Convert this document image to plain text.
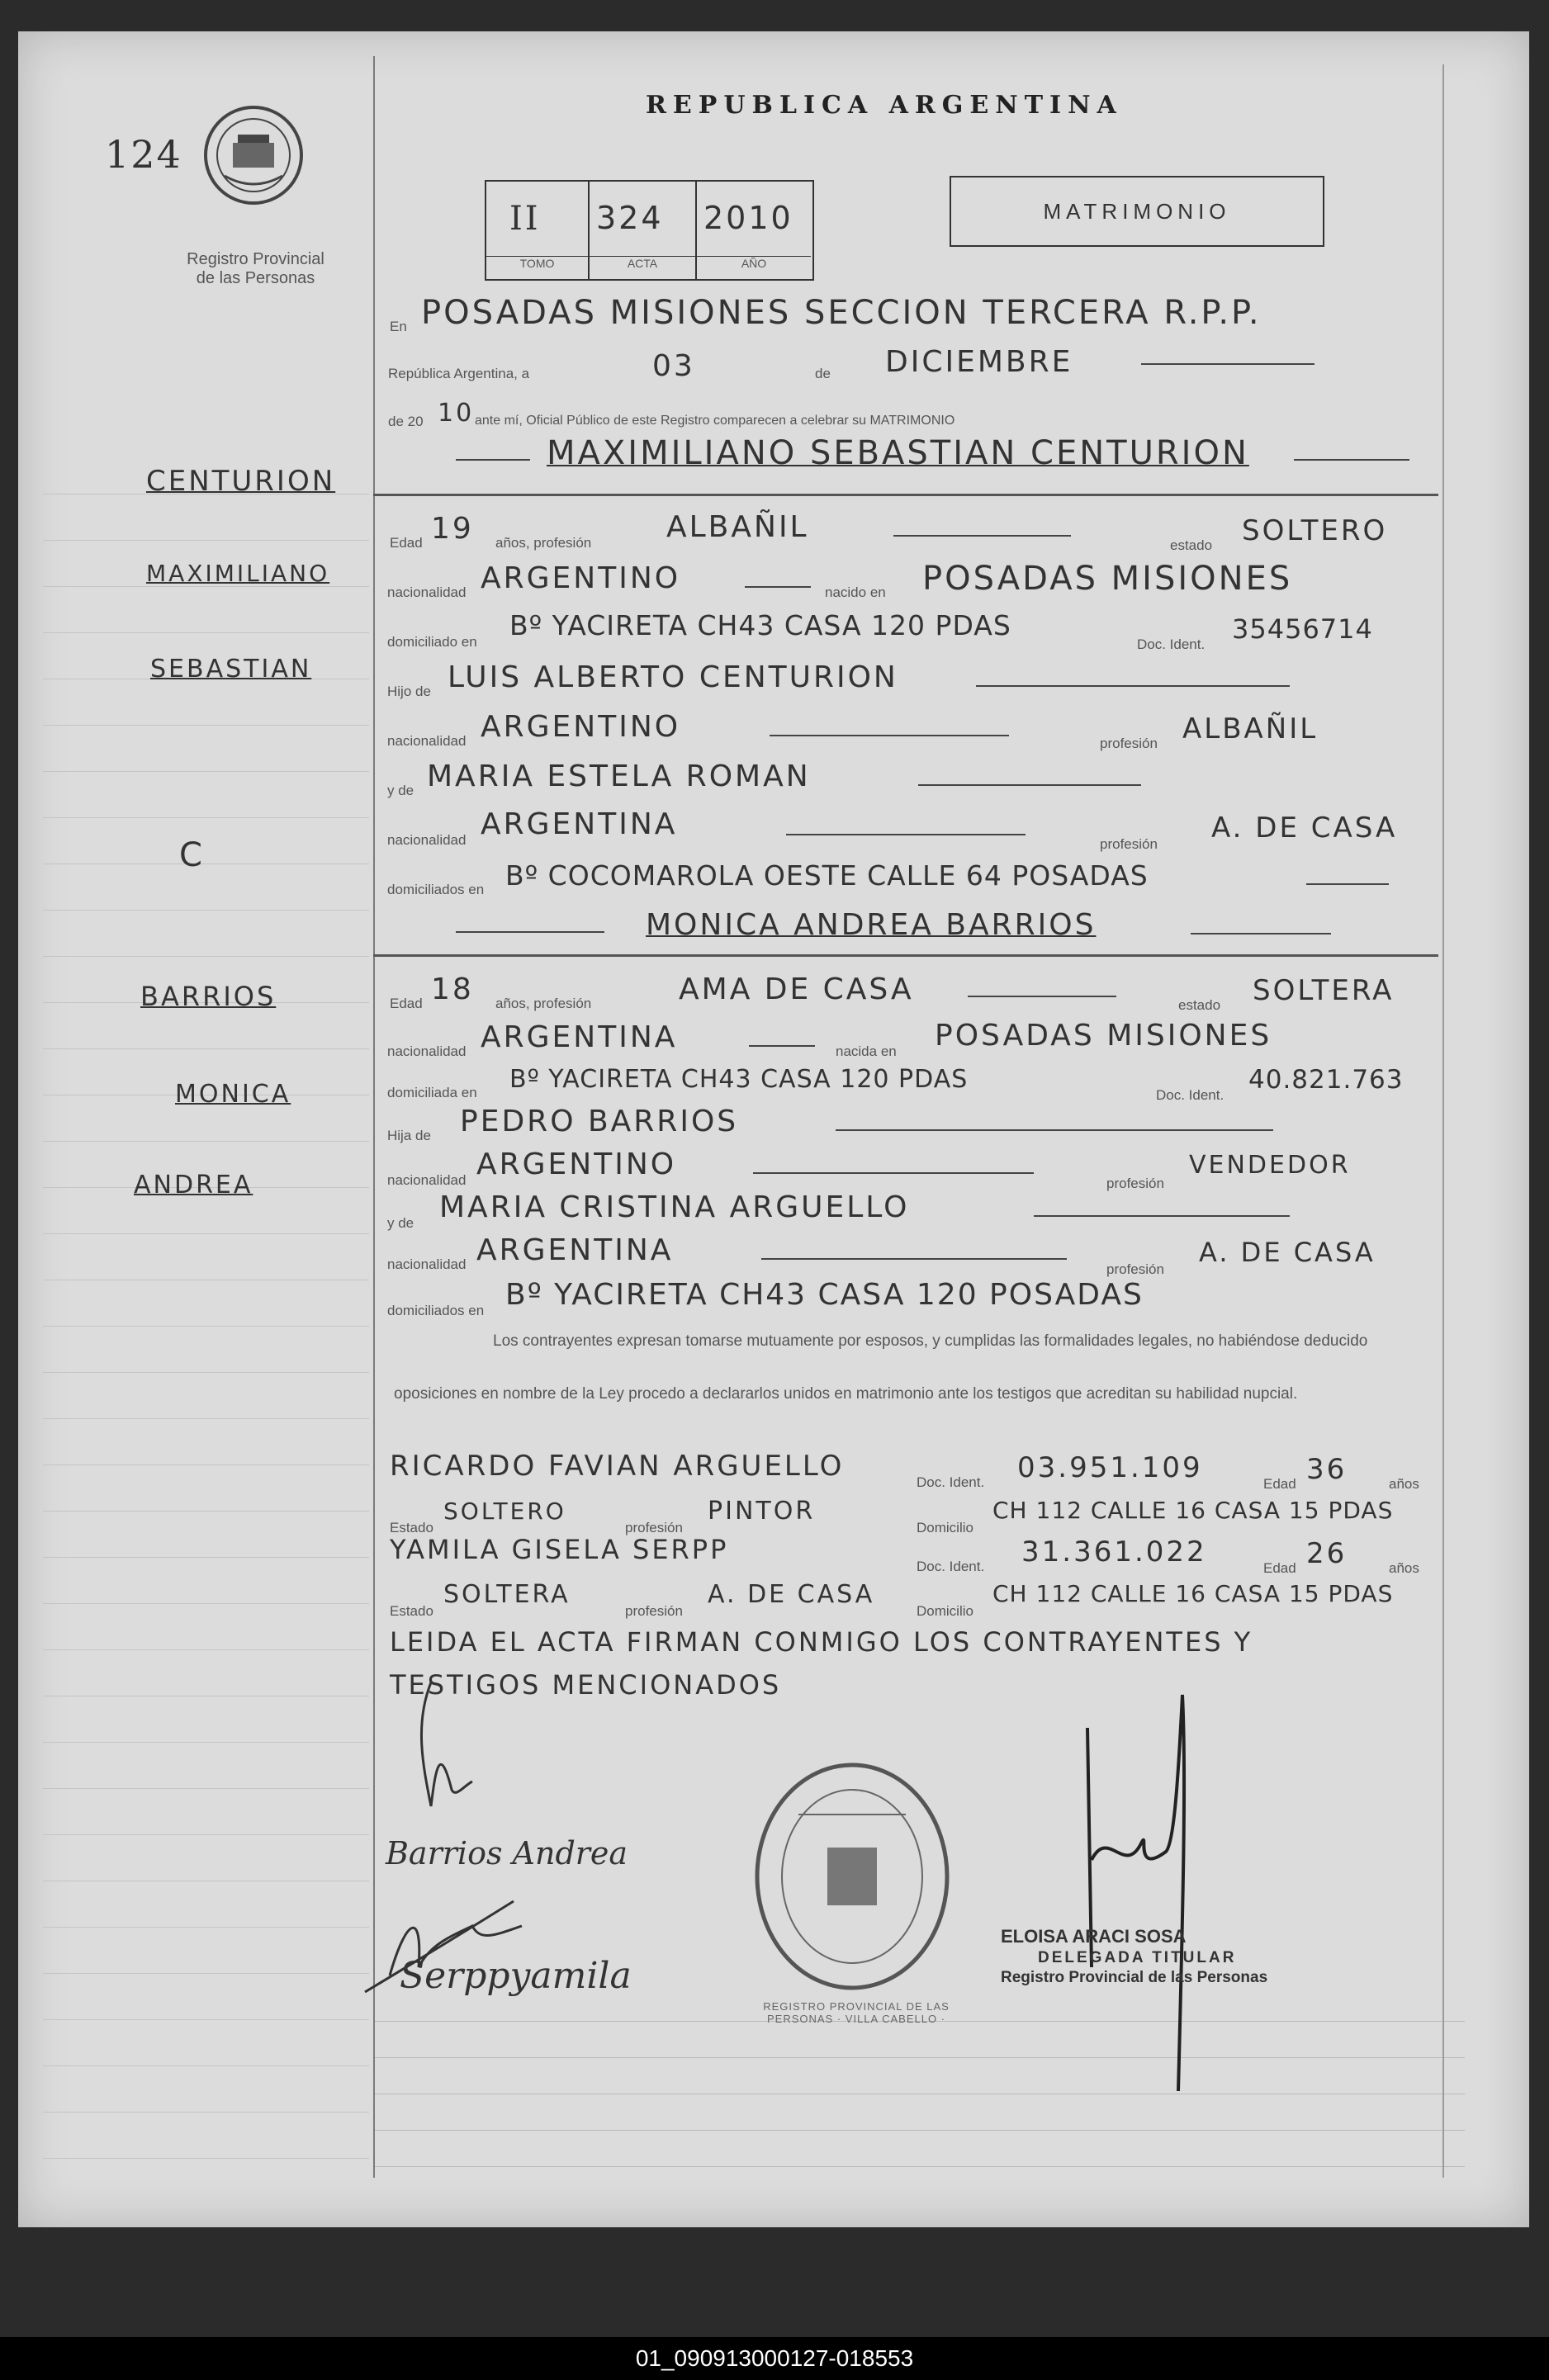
124
Registro Provincial
de las Personas
REPUBLICA ARGENTINA
II
TOMO
324
ACTA
2010
AÑO
MATRIMONIO
En POSADAS MISIONES SECCION TERCERA R.P.P.
República Argentina, a	03	de DICIEMBRE
de 20 10 ante mí, Oficial Público de este Registro comparecen a celebrar su MATRIMONIO
CENTURION
MAXIMILIANO
SEBASTIAN
C
BARRIOS
MONICA
ANDREA
MAXIMILIANO SEBASTIAN CENTURION
Edad 19 años, profesión	ALBAÑIL
estado SOLTERO
nacionalidad ARGENTINO	nacido en POSADAS MISIONES
domiciliado en
Bº YACIRETA CH43 CASA 120 PDAS
Doc. Ident. 35456714
Hijo de LUIS ALBERTO CENTURION
nacionalidad ARGENTINO	profesión ALBAÑIL
y de MARIA ESTELA ROMAN
nacionalidad ARGENTINA
profesión A. DE CASA
domiciliados en Bº COCOMAROLA OESTE CALLE 64 POSADAS
MONICA ANDREA BARRIOS
Edad 18 años, profesión	AMA DE CASA	estado SOLTERA
nacionalidad ARGENTINA	nacida en POSADAS MISIONES
domiciliada en Bº YACIRETA CH43 CASA 120 PDAS
Doc. Ident.
40.821.763
Hija de PEDRO BARRIOS
nacionalidad ARGENTINO
profesión
VENDEDOR
y de MARIA CRISTINA ARGUELLO
nacionalidad ARGENTINA
profesión
A. DE CASA
domiciliados en Bº YACIRETA CH43 CASA 120 POSADAS
Los contrayentes expresan tomarse mutuamente por esposos, y cumplidas las formalidades legales, no habiéndose deducido oposiciones en nombre de la Ley procedo a declararlos unidos en matrimonio ante los testigos que acreditan su habilidad nupcial.
RICARDO FAVIAN ARGUELLO	Doc. Ident. 03.951.109	Edad 36	años
Estado
SOLTERO
profesión
PINTOR
Domicilio
CH 112 CALLE 16 CASA 15 PDAS
YAMILA GISELA SERPP
Doc. Ident. 31.361.022	Edad 26	años
Estado
SOLTERA
profesión
A. DE CASA
Domicilio
CH 112 CALLE 16 CASA 15 PDAS
LEIDA EL ACTA FIRMAN CONMIGO LOS CONTRAYENTES Y TESTIGOS MENCIONADOS
Barrios Andrea
Serppyamila
REGISTRO PROVINCIAL DE LAS PERSONAS · VILLA CABELLO ·
ELOISA ARACI SOSA
DELEGADA TITULAR
Registro Provincial de las Personas
01_090913000127-018553
